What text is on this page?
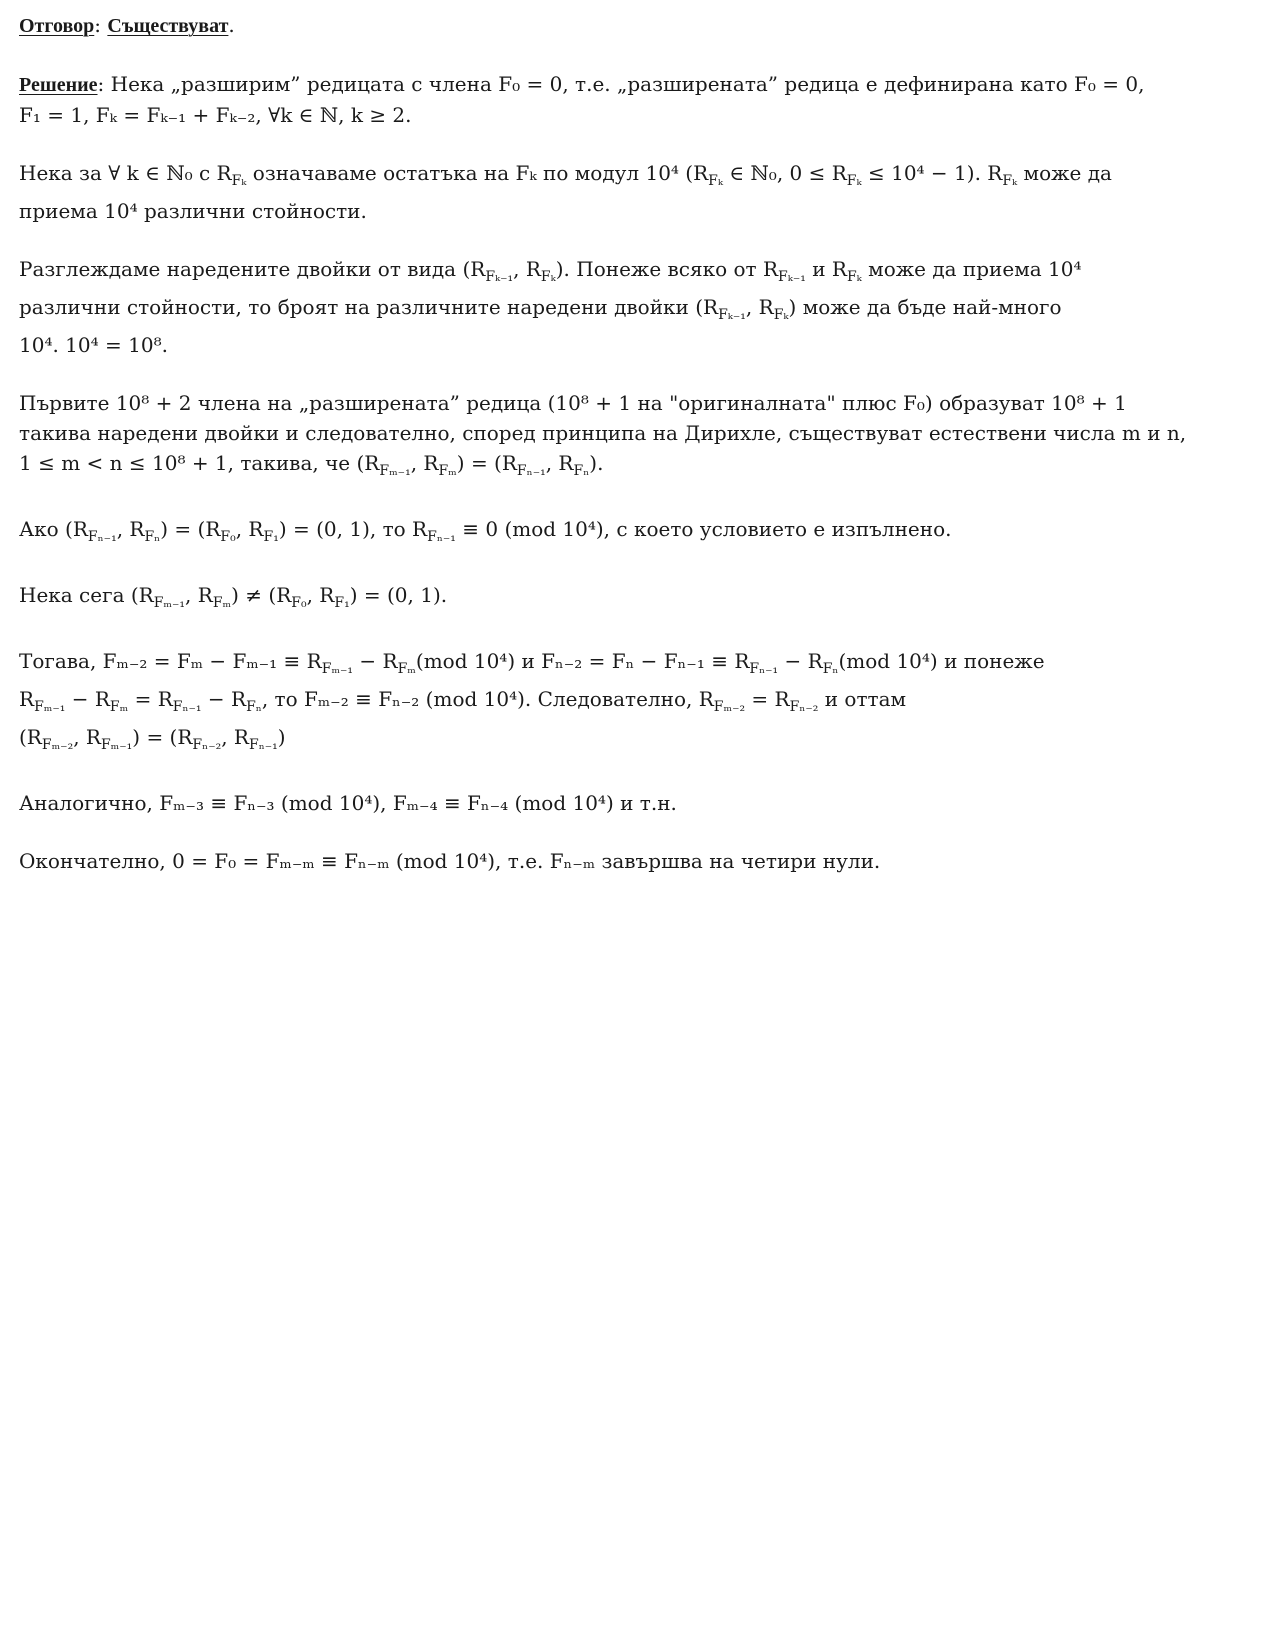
Отговор: Съществуват.

Решение: Нека „разширим” редицата с члена F₀ = 0, т.е. „разширената” редица е дефинирана като F₀ = 0,
F₁ = 1, Fₖ = Fₖ₋₁ + Fₖ₋₂, ∀k ∈ ℕ, k ≥ 2.

Нека за ∀ k ∈ ℕ₀ с $R_{F_k}$ означаваме остатъка на Fₖ по модул 10⁴ ($R_{F_k}$ ∈ ℕ₀, $0 \le R_{F_k} \le 10^4 - 1$). $R_{F_k}$ може да
приема 10⁴ различни стойности.

Разглеждаме наредените двойки от вида ($R_{F_{k-1}}$, $R_{F_k}$). Понеже всяко от $R_{F_{k-1}}$ и $R_{F_k}$ може да приема 10⁴
различни стойности, то броят на различните наредени двойки ($R_{F_{k-1}}$, $R_{F_k}$) може да бъде най-много
10⁴. 10⁴ = 10⁸.

Първите 10⁸ + 2 члена на „разширената” редица (10⁸ + 1 на "оригиналната" плюс F₀) образуват 10⁸ + 1
такива наредени двойки и следователно, според принципа на Дирихле, съществуват естествени числа m и n,
1 ≤ m < n ≤ 10⁸ + 1, такива, че ($R_{F_{m-1}}$, $R_{F_m}) = (R_{F_{n-1}}$, $R_{F_n}$).

Ако ($R_{F_{n-1}}$, $R_{F_n}) = (R_{F_0}$, $R_{F_1}) = (0$, 1), то $R_{F_{n-1}} \equiv 0$ (mod 10⁴), с което условието е изпълнено.

Нека сега ($R_{F_{m-1}}$, $R_{F_m}) \ne (R_{F_0}$, $R_{F_1}) = (0$, 1).

Тогава, $F_{m-2} = F_m - F_{m-1} \equiv R_{F_{m-1}} - R_{F_m}(mod$ 10⁴) и $F_{n-2} = F_n - F_{n-1} \equiv R_{F_{n-1}} - R_{F_n}(mod$ 10⁴) и понеже
$R_{F_{m-1}} - R_{F_m} = R_{F_{n-1}} - R_{F_n}$, то Fₘ₋₂ ≡ Fₙ₋₂ (mod 10⁴). Следователно, $R_{F_{m-2}} = R_{F_{n-2}}$ и оттам
($R_{F_{m-2}}$, $R_{F_{m-1}}) = (R_{F_{n-2}}$, $R_{F_{n-1}}$)

Аналогично, Fₘ₋₃ ≡ Fₙ₋₃ (mod 10⁴), Fₘ₋₄ ≡ Fₙ₋₄ (mod 10⁴) и т.н.

Окончателно, 0 = F₀ = Fₘ₋ₘ ≡ Fₙ₋ₘ (mod 10⁴), т.е. Fₙ₋ₘ завършва на четири нули.
